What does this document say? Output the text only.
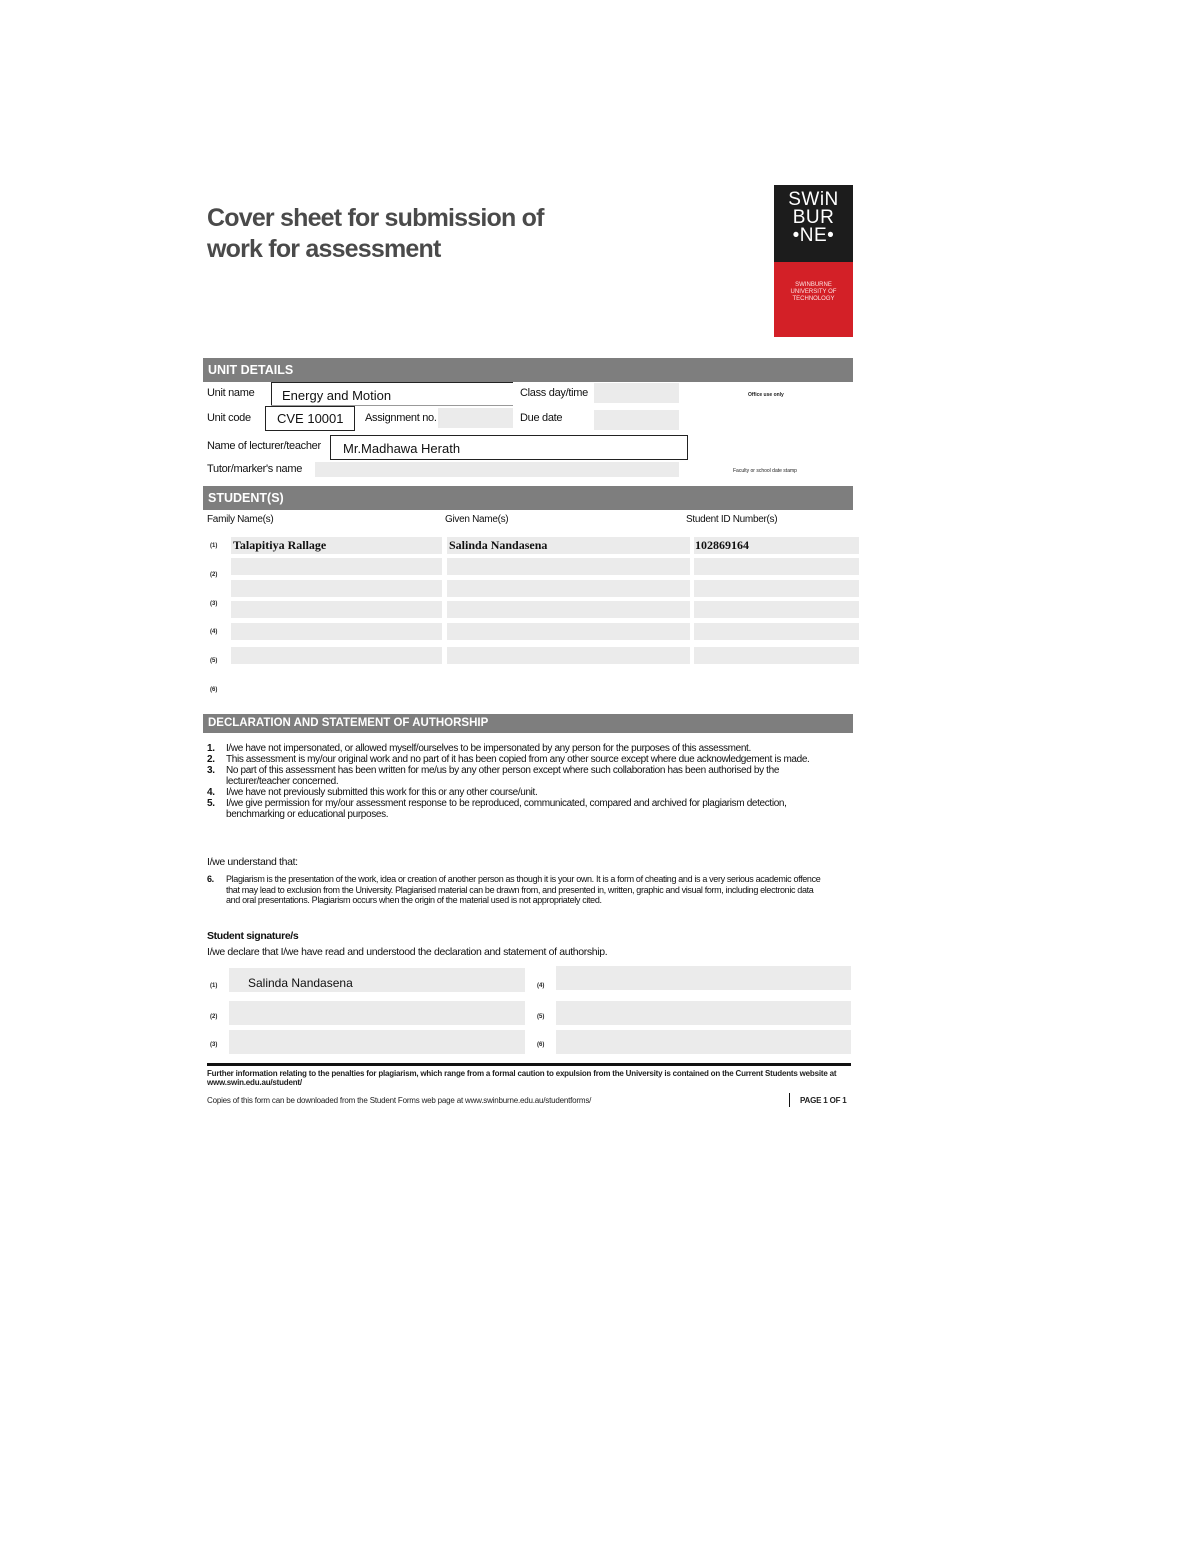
Cover sheet for submission of
work for assessment
SWiN
BUR
•NE•
SWINBURNE
UNIVERSITY OF
TECHNOLOGY
UNIT DETAILS
Unit name Energy and Motion	Class day/time	Office use only
Unit code CVE 10001 Assignment no.	Due date
Name of lecturer/teacher	Mr.Madhawa Herath
Tutor/marker's name	Faculty or school date stamp
STUDENT(S)
Family Name(s)	Given Name(s)	Student ID Number(s)
(1) Talapitiya Rallage	Salinda Nandasena	102869164
(2)
(3)
(4)
(5)
(6)
DECLARATION AND STATEMENT OF AUTHORSHIP
1. I/we have not impersonated, or allowed myself/ourselves to be impersonated by any person for the purposes of this assessment.
2. This assessment is my/our original work and no part of it has been copied from any other source except where due acknowledgement is made.
3. No part of this assessment has been written for me/us by any other person except where such collaboration has been authorised by the lecturer/teacher concerned.
4. I/we have not previously submitted this work for this or any other course/unit.
5. I/we give permission for my/our assessment response to be reproduced, communicated, compared and archived for plagiarism detection, benchmarking or educational purposes.
I/we understand that:
6. Plagiarism is the presentation of the work, idea or creation of another person as though it is your own. It is a form of cheating and is a very serious academic offence that may lead to exclusion from the University. Plagiarised material can be drawn from, and presented in, written, graphic and visual form, including electronic data and oral presentations. Plagiarism occurs when the origin of the material used is not appropriately cited.
Student signature/s
I/we declare that I/we have read and understood the declaration and statement of authorship.
(1)	Salinda Nandasena
(2)
(3)
(4)
(5)
(6)
Further information relating to the penalties for plagiarism, which range from a formal caution to expulsion from the University is contained on the Current Students website at www.swin.edu.au/student/
Copies of this form can be downloaded from the Student Forms web page at www.swinburne.edu.au/studentforms/	PAGE 1 OF 1
